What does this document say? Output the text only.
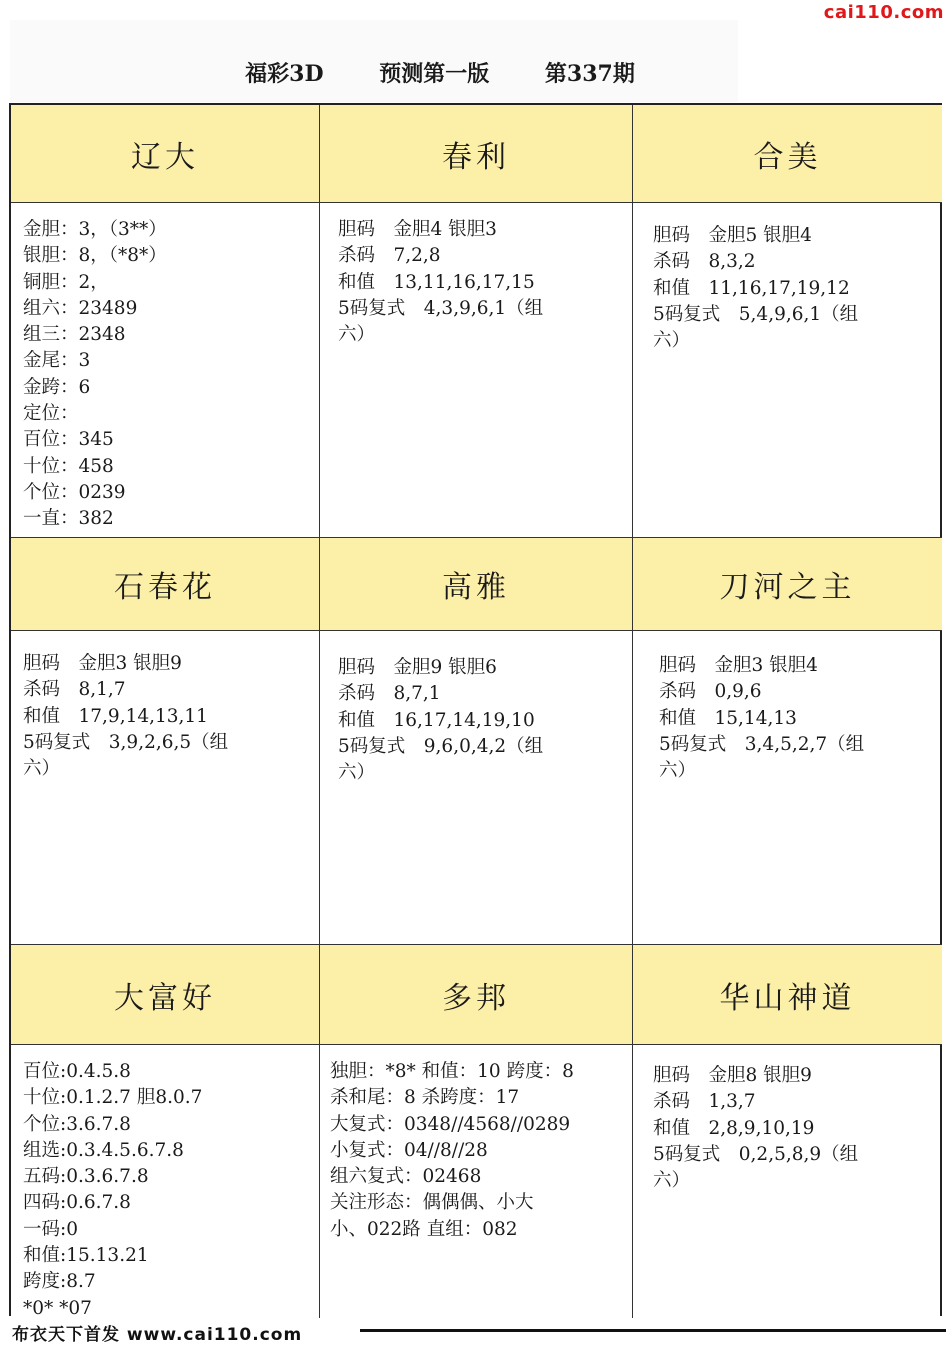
cai110.com
福彩3D	预测第一版	第337期
辽大	春利	合美
金胆：3，（3**）
银胆：8，（*8*）
铜胆：2，
组六：23489
组三：2348
金尾：3
金跨：6
定位：
百位：345
十位：458
个位：0239
一直：382
胆码　金胆4 银胆3
杀码　7,2,8
和值　13,11,16,17,15
5码复式　4,3,9,6,1（组
六）
胆码　金胆5 银胆4
杀码　8,3,2
和值　11,16,17,19,12
5码复式　5,4,9,6,1（组
六）
石春花	高雅	刀河之主
胆码　金胆3 银胆9
杀码　8,1,7
和值　17,9,14,13,11
5码复式　3,9,2,6,5（组
六）
胆码　金胆9 银胆6
杀码　8,7,1
和值　16,17,14,19,10
5码复式　9,6,0,4,2（组
六）
胆码　金胆3 银胆4
杀码　0,9,6
和值　15,14,13
5码复式　3,4,5,2,7（组
六）
大富好	多邦	华山神道
百位:0.4.5.8
十位:0.1.2.7 胆8.0.7
个位:3.6.7.8
组选:0.3.4.5.6.7.8
五码:0.3.6.7.8
四码:0.6.7.8
一码:0
和值:15.13.21
跨度:8.7
*0* *07
独胆：*8* 和值：10 跨度：8
杀和尾：8 杀跨度：17
大复式：0348//4568//0289
小复式：04//8//28
组六复式：02468
关注形态：偶偶偶、小大
小、022路 直组：082
胆码　金胆8 银胆9
杀码　1,3,7
和值　2,8,9,10,19
5码复式　0,2,5,8,9（组
六）
布衣天下首发 www.cai110.com
